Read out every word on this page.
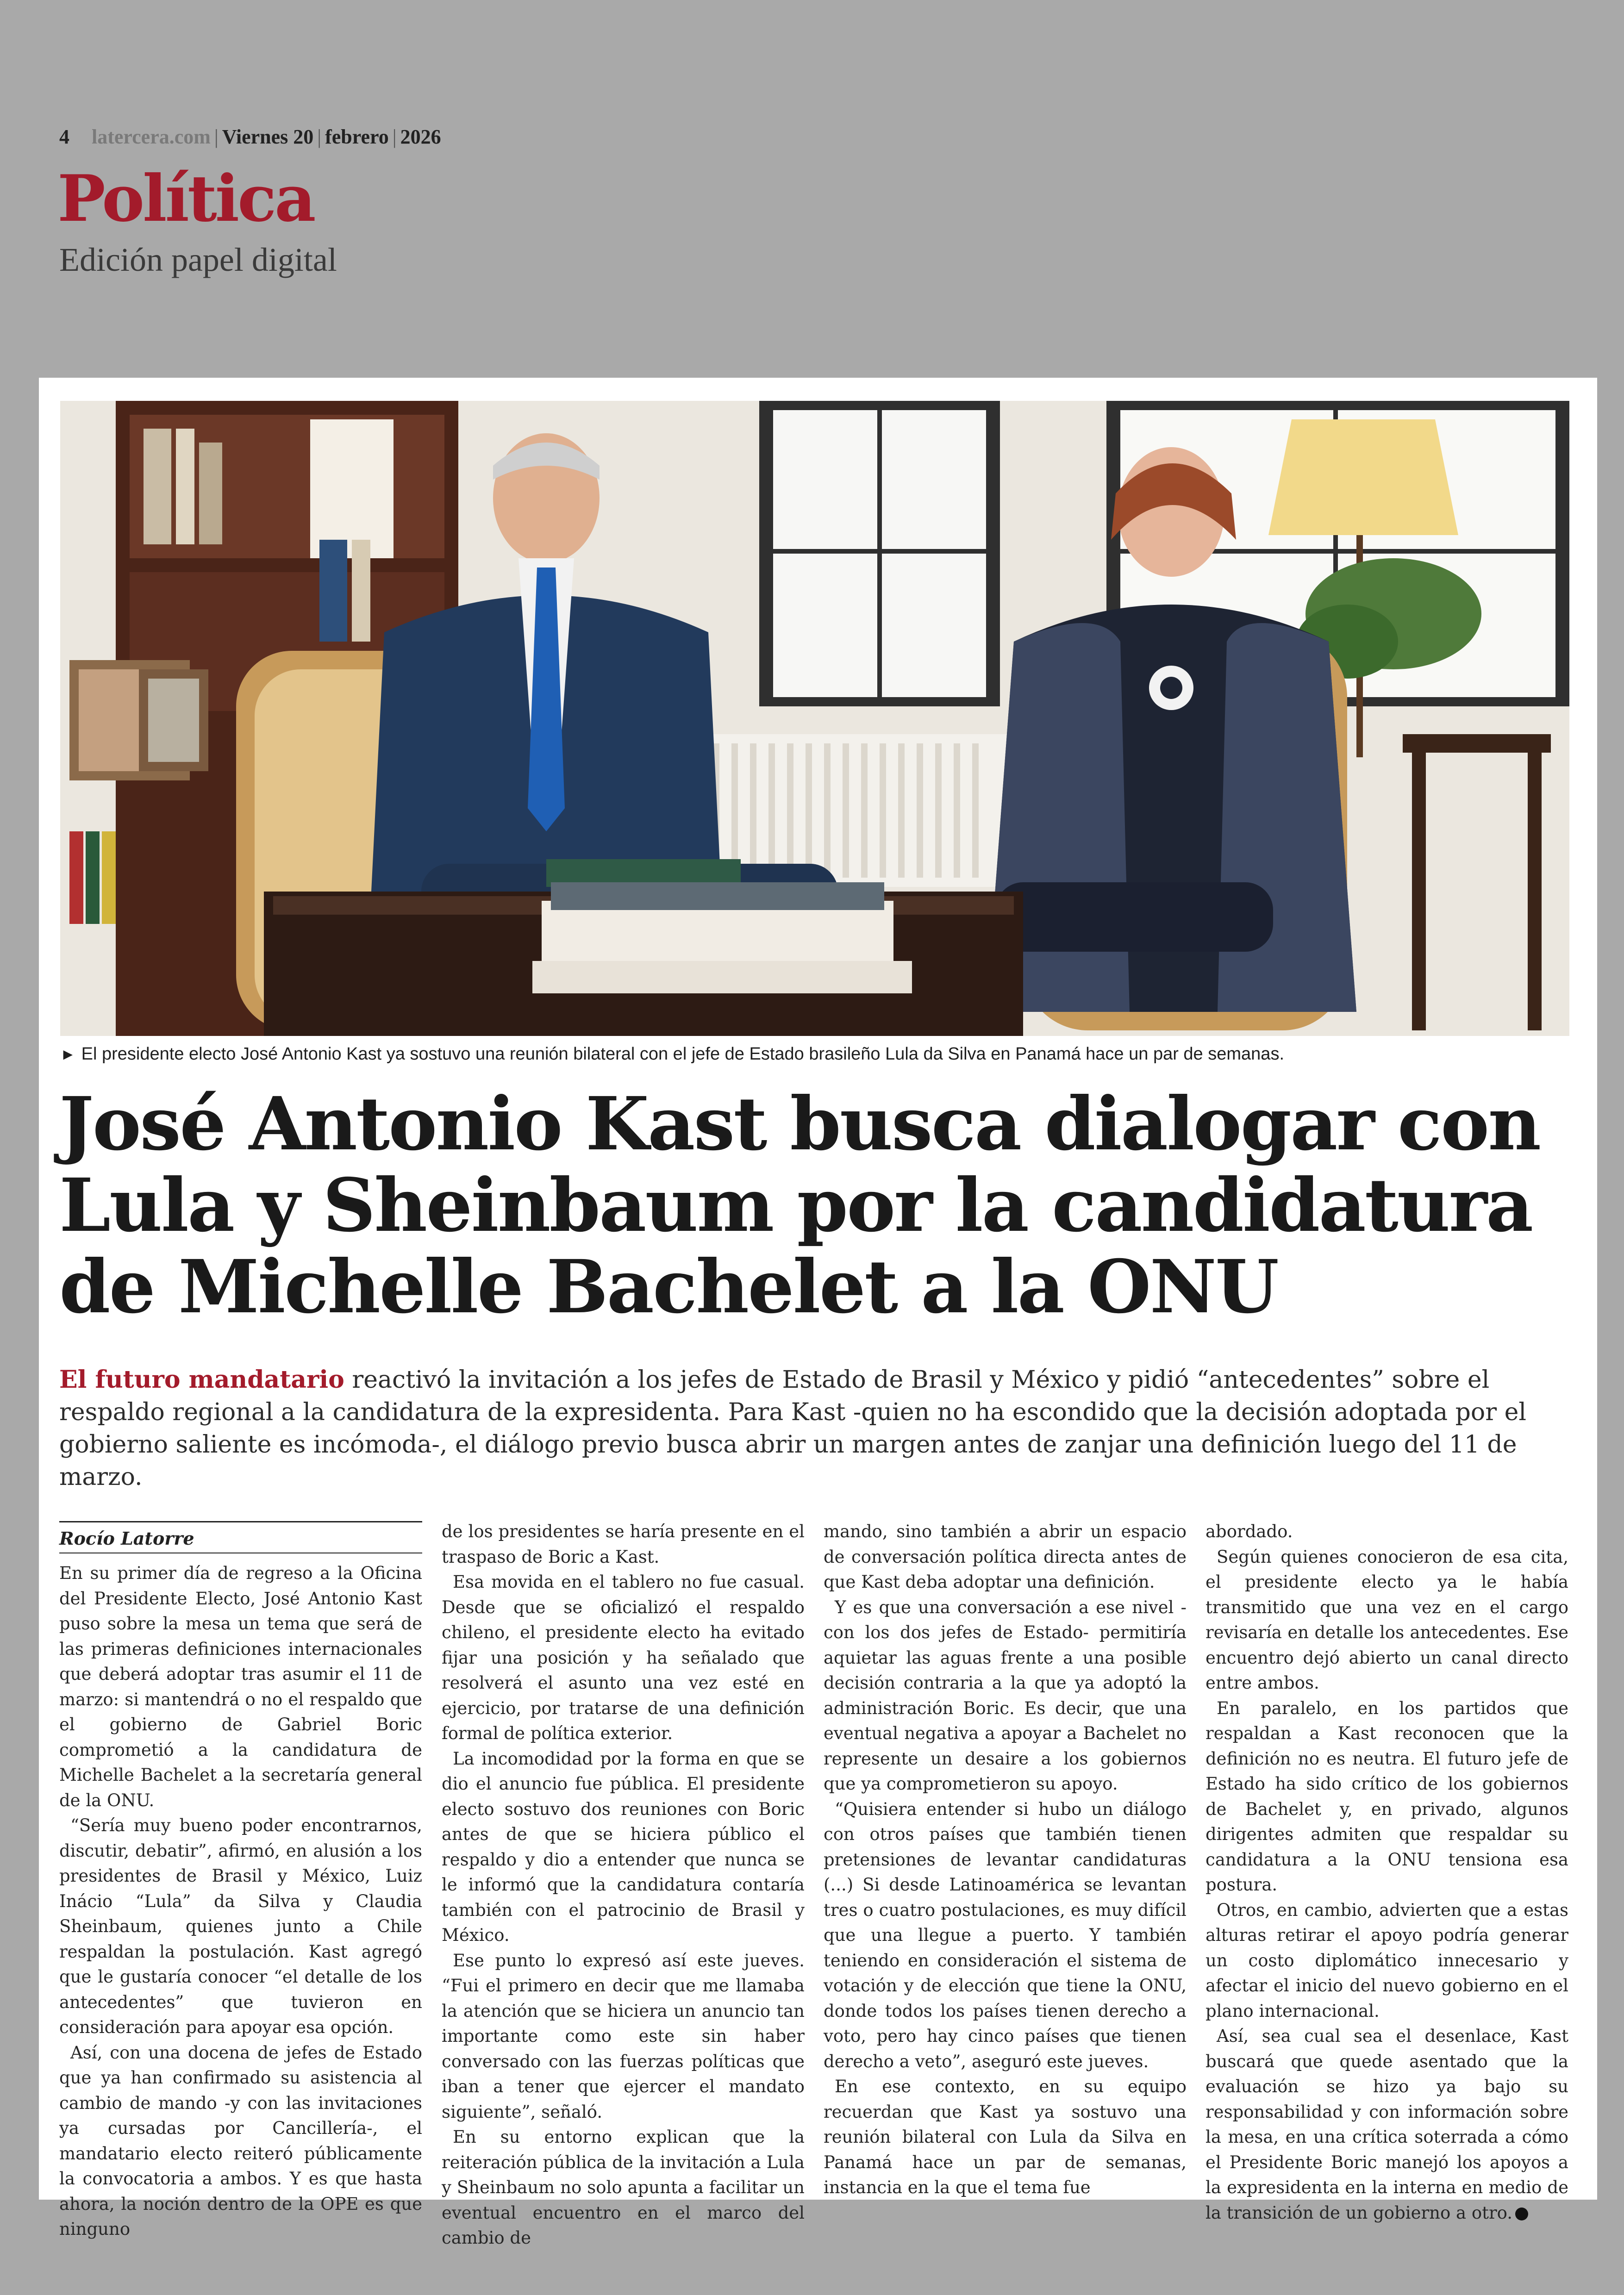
4 latercera.com | Viernes 20 | febrero | 2026
Política
Edición papel digital
► El presidente electo José Antonio Kast ya sostuvo una reunión bilateral con el jefe de Estado brasileño Lula da Silva en Panamá hace un par de semanas.
José Antonio Kast busca dialogar con
Lula y Sheinbaum por la candidatura
de Michelle Bachelet a la ONU
El futuro mandatario reactivó la invitación a los jefes de Estado de Brasil y México y pidió “antecedentes” sobre el respaldo regional a la candidatura de la expresidenta. Para Kast -quien no ha escondido que la decisión adoptada por el gobierno saliente es incómoda-, el diálogo previo busca abrir un margen antes de zanjar una definición luego del 11 de marzo.
Rocío Latorre

En su primer día de regreso a la Oficina del Presidente Electo, José Antonio Kast puso sobre la mesa un tema que será de las primeras definiciones internacionales que deberá adoptar tras asumir el 11 de marzo: si mantendrá o no el respaldo que el gobierno de Gabriel Boric comprometió a la candidatura de Michelle Bachelet a la secretaría general de la ONU.

“Sería muy bueno poder encontrarnos, discutir, debatir”, afirmó, en alusión a los presidentes de Brasil y México, Luiz Inácio “Lula” da Silva y Claudia Sheinbaum, quienes junto a Chile respaldan la postulación. Kast agregó que le gustaría conocer “el detalle de los antecedentes” que tuvieron en consideración para apoyar esa opción.

Así, con una docena de jefes de Estado que ya han confirmado su asistencia al cambio de mando -y con las invitaciones ya cursadas por Cancillería-, el mandatario electo reiteró públicamente la convocatoria a ambos. Y es que hasta ahora, la noción dentro de la OPE es que ninguno

de los presidentes se haría presente en el traspaso de Boric a Kast.

Esa movida en el tablero no fue casual. Desde que se oficializó el respaldo chileno, el presidente electo ha evitado fijar una posición y ha señalado que resolverá el asunto una vez esté en ejercicio, por tratarse de una definición formal de política exterior.

La incomodidad por la forma en que se dio el anuncio fue pública. El presidente electo sostuvo dos reuniones con Boric antes de que se hiciera público el respaldo y dio a entender que nunca se le informó que la candidatura contaría también con el patrocinio de Brasil y México.

Ese punto lo expresó así este jueves. “Fui el primero en decir que me llamaba la atención que se hiciera un anuncio tan importante como este sin haber conversado con las fuerzas políticas que iban a tener que ejercer el mandato siguiente”, señaló.

En su entorno explican que la reiteración pública de la invitación a Lula y Sheinbaum no solo apunta a facilitar un eventual encuentro en el marco del cambio de

mando, sino también a abrir un espacio de conversación política directa antes de que Kast deba adoptar una definición.

Y es que una conversación a ese nivel -con los dos jefes de Estado- permitiría aquietar las aguas frente a una posible decisión contraria a la que ya adoptó la administración Boric. Es decir, que una eventual negativa a apoyar a Bachelet no represente un desaire a los gobiernos que ya comprometieron su apoyo.

“Quisiera entender si hubo un diálogo con otros países que también tienen pretensiones de levantar candidaturas (...) Si desde Latinoamérica se levantan tres o cuatro postulaciones, es muy difícil que una llegue a puerto. Y también teniendo en consideración el sistema de votación y de elección que tiene la ONU, donde todos los países tienen derecho a voto, pero hay cinco países que tienen derecho a veto”, aseguró este jueves.

En ese contexto, en su equipo recuerdan que Kast ya sostuvo una reunión bilateral con Lula da Silva en Panamá hace un par de semanas, instancia en la que el tema fue

abordado.

Según quienes conocieron de esa cita, el presidente electo ya le había transmitido que una vez en el cargo revisaría en detalle los antecedentes. Ese encuentro dejó abierto un canal directo entre ambos.

En paralelo, en los partidos que respaldan a Kast reconocen que la definición no es neutra. El futuro jefe de Estado ha sido crítico de los gobiernos de Bachelet y, en privado, algunos dirigentes admiten que respaldar su candidatura a la ONU tensiona esa postura.

Otros, en cambio, advierten que a estas alturas retirar el apoyo podría generar un costo diplomático innecesario y afectar el inicio del nuevo gobierno en el plano internacional.

Así, sea cual sea el desenlace, Kast buscará que quede asentado que la evaluación se hizo ya bajo su responsabilidad y con información sobre la mesa, en una crítica soterrada a cómo el Presidente Boric manejó los apoyos a la expresidenta en la interna en medio de la transición de un gobierno a otro.
